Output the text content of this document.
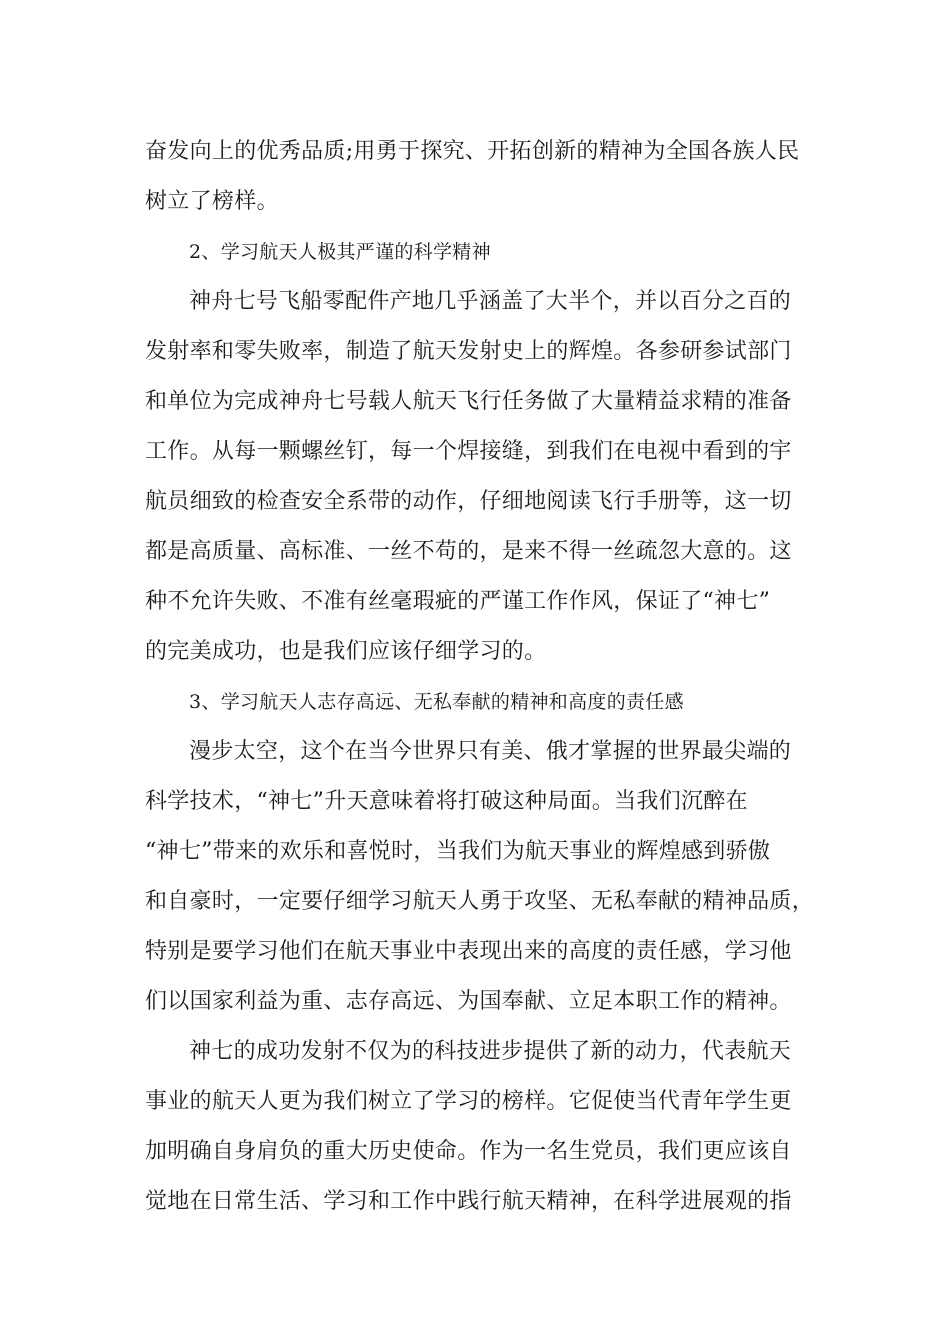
奋发向上的优秀品质;用勇于探究、开拓创新的精神为全国各族人民
树立了榜样。
2、学习航天人极其严谨的科学精神
神舟七号飞船零配件产地几乎涵盖了大半个，并以百分之百的
发射率和零失败率，制造了航天发射史上的辉煌。各参研参试部门
和单位为完成神舟七号载人航天飞行任务做了大量精益求精的准备
工作。从每一颗螺丝钉，每一个焊接缝，到我们在电视中看到的宇
航员细致的检查安全系带的动作，仔细地阅读飞行手册等，这一切
都是高质量、高标准、一丝不苟的，是来不得一丝疏忽大意的。这
种不允许失败、不准有丝毫瑕疵的严谨工作作风，保证了“神七”
的完美成功，也是我们应该仔细学习的。
3、学习航天人志存高远、无私奉献的精神和高度的责任感
漫步太空，这个在当今世界只有美、俄才掌握的世界最尖端的
科学技术，“神七”升天意味着将打破这种局面。当我们沉醉在
“神七”带来的欢乐和喜悦时，当我们为航天事业的辉煌感到骄傲
和自豪时，一定要仔细学习航天人勇于攻坚、无私奉献的精神品质，
特别是要学习他们在航天事业中表现出来的高度的责任感，学习他
们以国家利益为重、志存高远、为国奉献、立足本职工作的精神。
神七的成功发射不仅为的科技进步提供了新的动力，代表航天
事业的航天人更为我们树立了学习的榜样。它促使当代青年学生更
加明确自身肩负的重大历史使命。作为一名生党员，我们更应该自
觉地在日常生活、学习和工作中践行航天精神，在科学进展观的指
